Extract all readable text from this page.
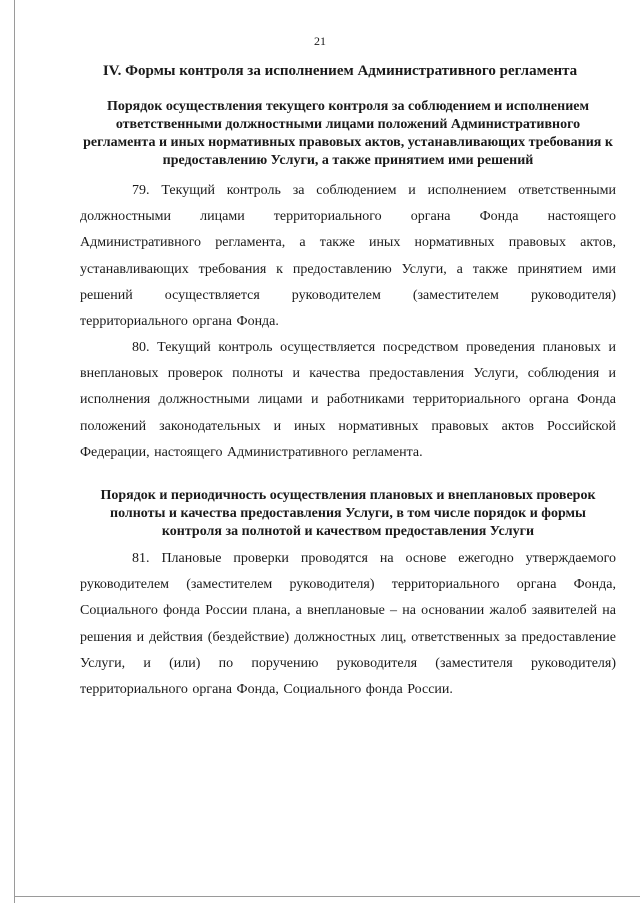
21
IV. Формы контроля за исполнением Административного регламента
Порядок осуществления текущего контроля за соблюдением и исполнением ответственными должностными лицами положений Административного регламента и иных нормативных правовых актов, устанавливающих требования к предоставлению Услуги, а также принятием ими решений
79. Текущий контроль за соблюдением и исполнением ответственными должностными лицами территориального органа Фонда настоящего Административного регламента, а также иных нормативных правовых актов, устанавливающих требования к предоставлению Услуги, а также принятием ими решений осуществляется руководителем (заместителем руководителя) территориального органа Фонда.
80. Текущий контроль осуществляется посредством проведения плановых и внеплановых проверок полноты и качества предоставления Услуги, соблюдения и исполнения должностными лицами и работниками территориального органа Фонда положений законодательных и иных нормативных правовых актов Российской Федерации, настоящего Административного регламента.
Порядок и периодичность осуществления плановых и внеплановых проверок полноты и качества предоставления Услуги, в том числе порядок и формы контроля за полнотой и качеством предоставления Услуги
81. Плановые проверки проводятся на основе ежегодно утверждаемого руководителем (заместителем руководителя) территориального органа Фонда, Социального фонда России плана, а внеплановые – на основании жалоб заявителей на решения и действия (бездействие) должностных лиц, ответственных за предоставление Услуги, и (или) по поручению руководителя (заместителя руководителя) территориального органа Фонда, Социального фонда России.
